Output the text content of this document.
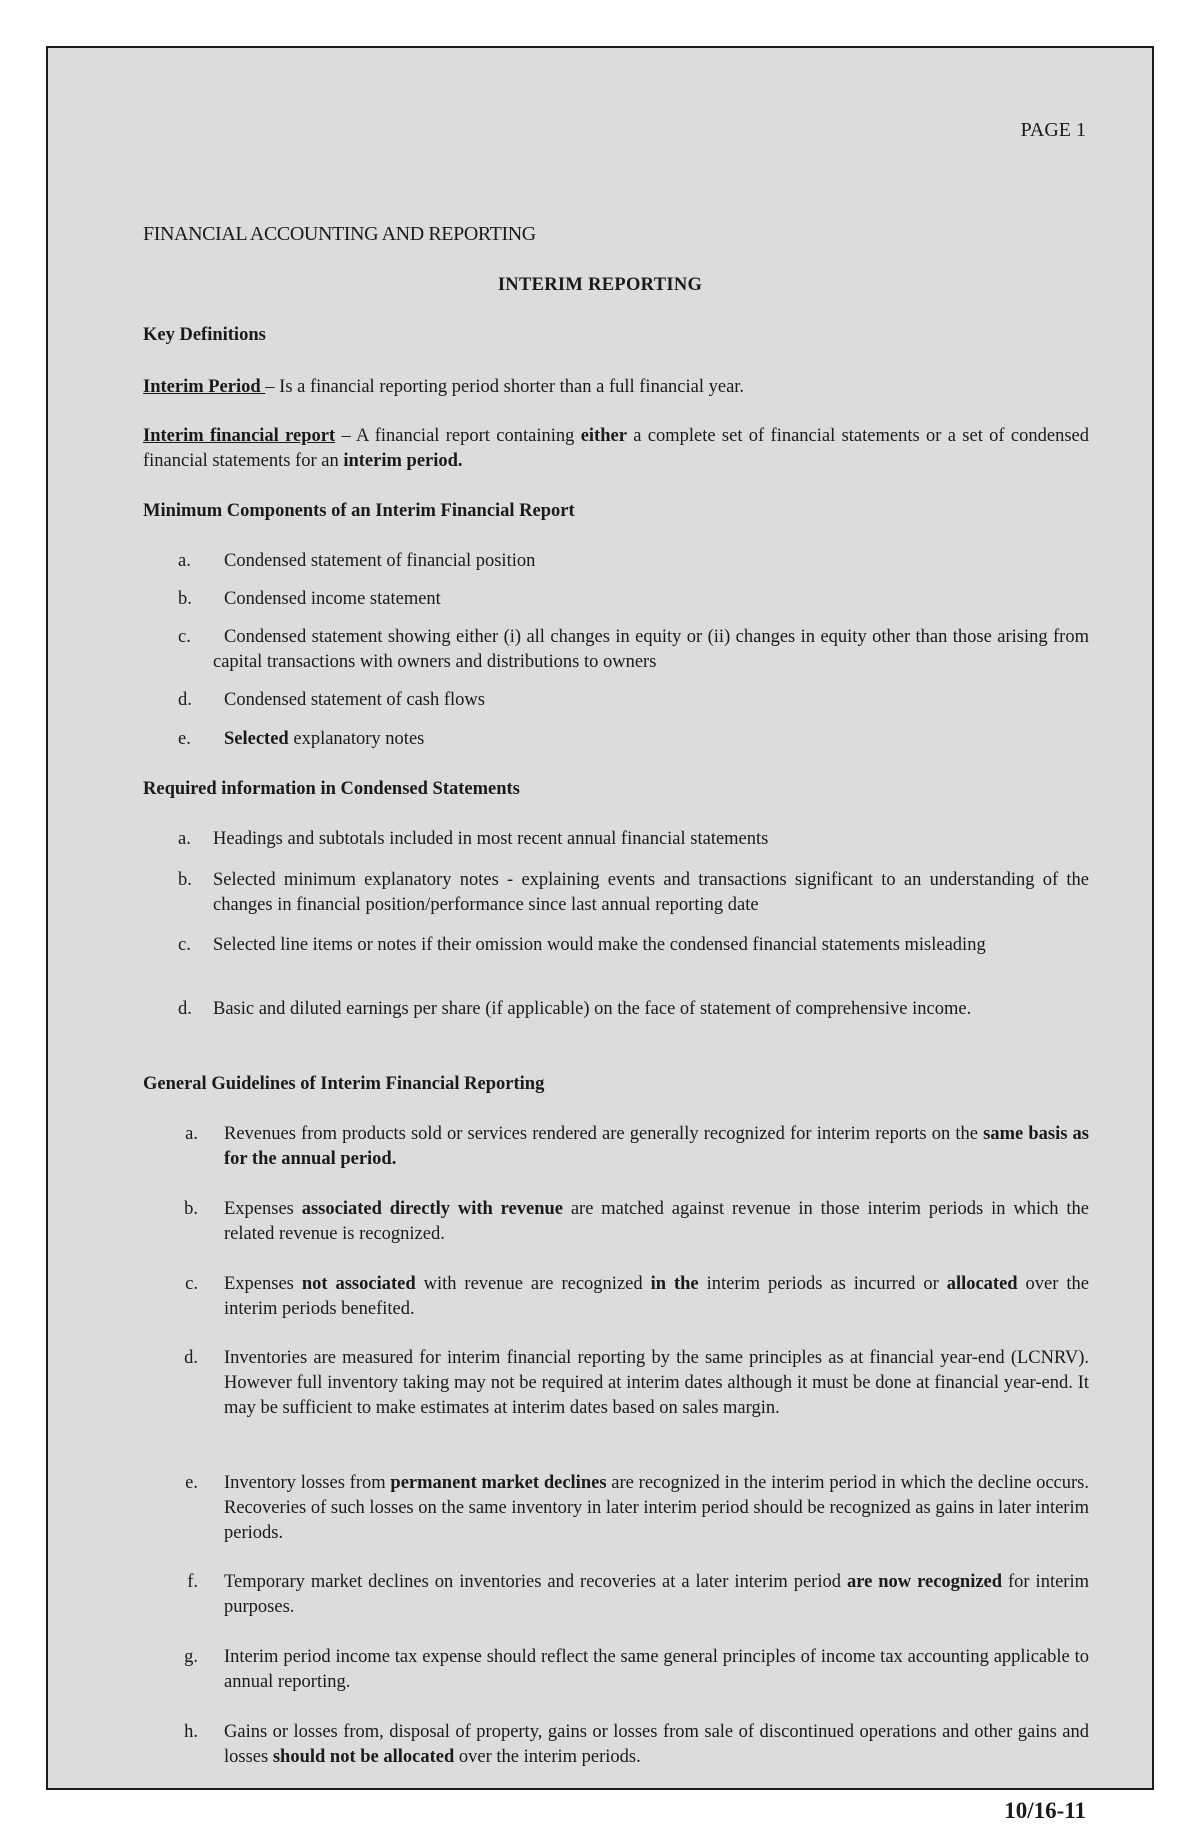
PAGE 1
FINANCIAL ACCOUNTING AND REPORTING
INTERIM REPORTING
Key Definitions
Interim Period – Is a financial reporting period shorter than a full financial year.
Interim financial report – A financial report containing either a complete set of financial statements or a set of condensed financial statements for an interim period.
Minimum Components of an Interim Financial Report
a.	Condensed statement of financial position
b.	Condensed income statement
c.	Condensed statement showing either (i) all changes in equity or (ii) changes in equity other than those arising from capital transactions with owners and distributions to owners
d.	Condensed statement of cash flows
e.	Selected explanatory notes
Required information in Condensed Statements
a.	Headings and subtotals included in most recent annual financial statements
b.	Selected minimum explanatory notes - explaining events and transactions significant to an understanding of the changes in financial position/performance since last annual reporting date
c.	Selected line items or notes if their omission would make the condensed financial statements misleading
d.	Basic and diluted earnings per share (if applicable) on the face of statement of comprehensive income.
General Guidelines of Interim Financial Reporting
a.	Revenues from products sold or services rendered are generally recognized for interim reports on the same basis as for the annual period.
b.	Expenses associated directly with revenue are matched against revenue in those interim periods in which the related revenue is recognized.
c.	Expenses not associated with revenue are recognized in the interim periods as incurred or allocated over the interim periods benefited.
d.	Inventories are measured for interim financial reporting by the same principles as at financial year-end (LCNRV). However full inventory taking may not be required at interim dates although it must be done at financial year-end. It may be sufficient to make estimates at interim dates based on sales margin.
e.	Inventory losses from permanent market declines are recognized in the interim period in which the decline occurs. Recoveries of such losses on the same inventory in later interim period should be recognized as gains in later interim periods.
f.	Temporary market declines on inventories and recoveries at a later interim period are now recognized for interim purposes.
g.	Interim period income tax expense should reflect the same general principles of income tax accounting applicable to annual reporting.
h.	Gains or losses from, disposal of property, gains or losses from sale of discontinued operations and other gains and losses should not be allocated over the interim periods.
10/16-11
